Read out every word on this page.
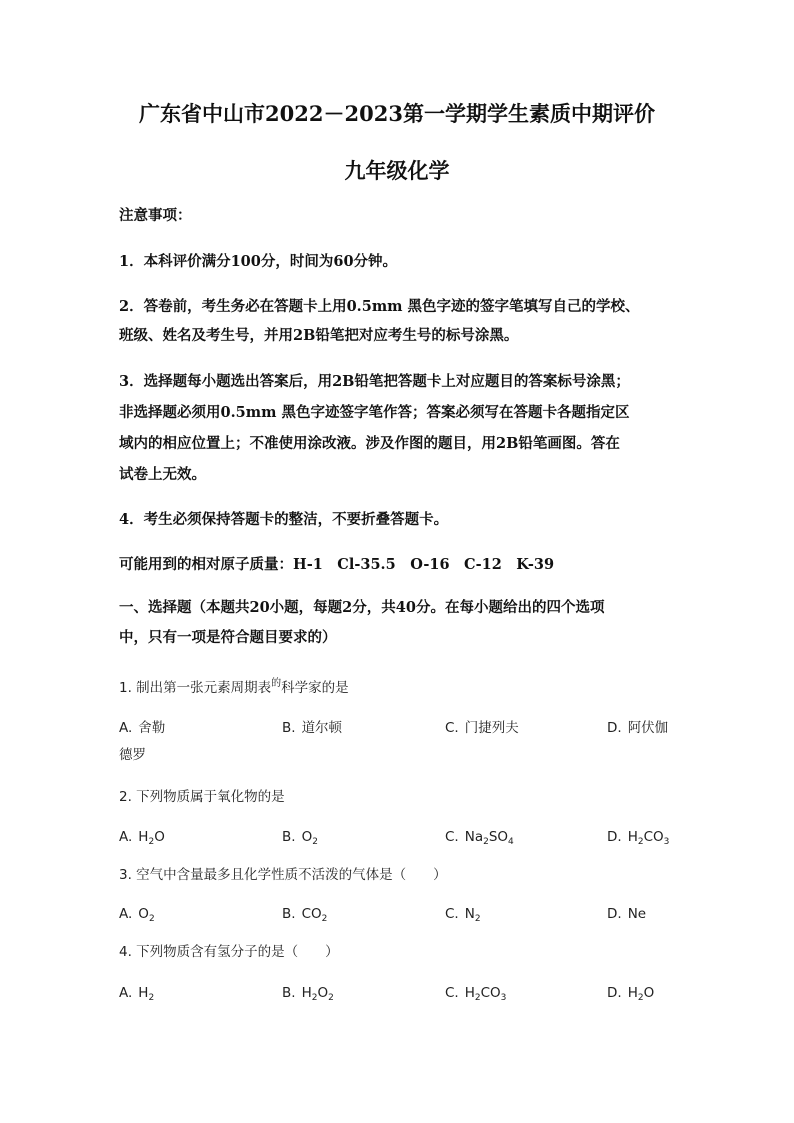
广东省中山市2022－2023第一学期学生素质中期评价
九年级化学
注意事项：
1．本科评价满分100分，时间为60分钟。
2．答卷前，考生务必在答题卡上用0.5mm 黑色字迹的签字笔填写自己的学校、
班级、姓名及考生号，并用2B铅笔把对应考生号的标号涂黑。
3．选择题每小题选出答案后，用2B铅笔把答题卡上对应题目的答案标号涂黑；
非选择题必须用0.5mm 黑色字迹签字笔作答；答案必须写在答题卡各题指定区
域内的相应位置上；不准使用涂改液。涉及作图的题目，用2B铅笔画图。答在
试卷上无效。
4．考生必须保持答题卡的整洁，不要折叠答题卡。
可能用到的相对原子质量：H-1　Cl-35.5　O-16　C-12　K-39
一、选择题（本题共20小题，每题2分，共40分。在每小题给出的四个选项
中，只有一项是符合题目要求的）
1. 制出第一张元素周期表$^的$科学家的是
A. 舍勒	B. 道尔顿	C. 门捷列夫	D. 阿伏伽
德罗
2. 下列物质属于氧化物的是
A. $H_2O$	B. $O_2$	C. $Na_2SO_4$	D. $H_2CO_3$
3. 空气中含量最多且化学性质不活泼的气体是（　　）
A. $O_2$	B. $CO_2$	C. $N_2$	D. Ne
4. 下列物质含有氢分子的是（　　）
A. $H_2$	B. $H_2O_2$	C. $H_2CO_3$	D. $H_2O$
